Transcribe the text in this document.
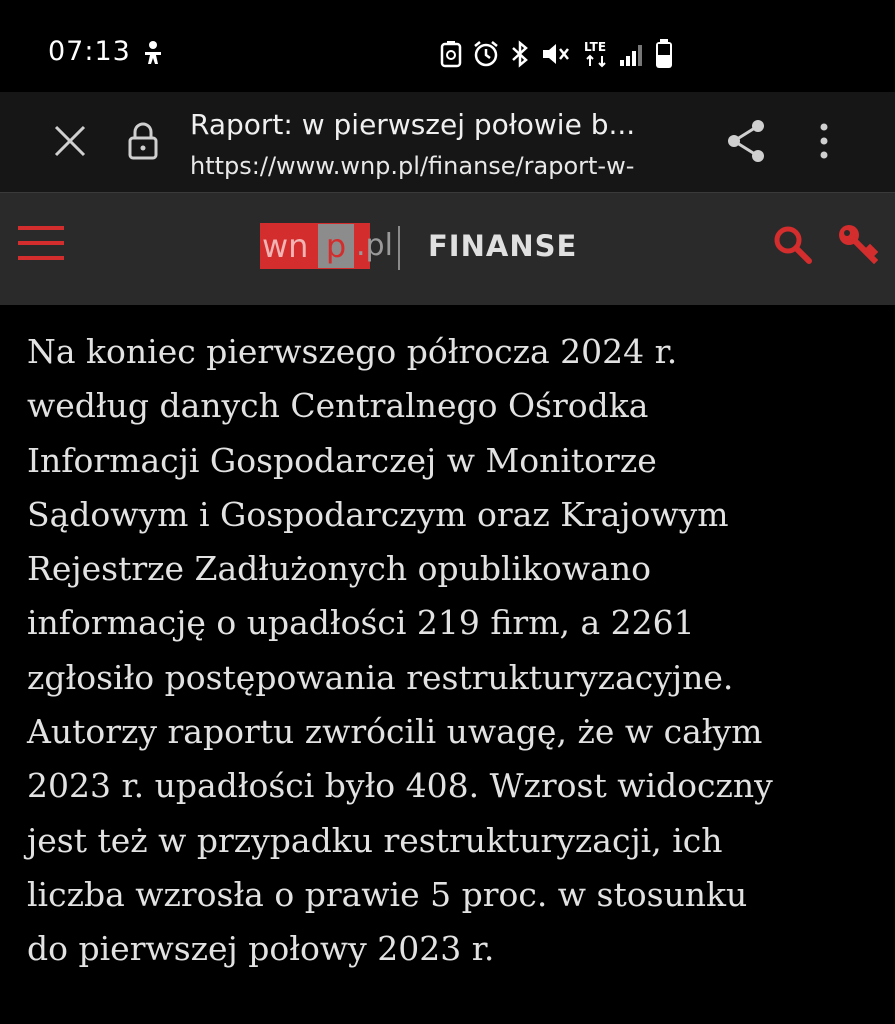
07:13	LTE
Raport: w pierwszej połowie b...
https://www.wnp.pl/finanse/raport-w-
wn p .pl FINANSE
Na koniec pierwszego półrocza 2024 r.
według danych Centralnego Ośrodka
Informacji Gospodarczej w Monitorze
Sądowym i Gospodarczym oraz Krajowym
Rejestrze Zadłużonych opublikowano
informację o upadłości 219 firm, a 2261
zgłosiło postępowania restrukturyzacyjne.
Autorzy raportu zwrócili uwagę, że w całym
2023 r. upadłości było 408. Wzrost widoczny
jest też w przypadku restrukturyzacji, ich
liczba wzrosła o prawie 5 proc. w stosunku
do pierwszej połowy 2023 r.
